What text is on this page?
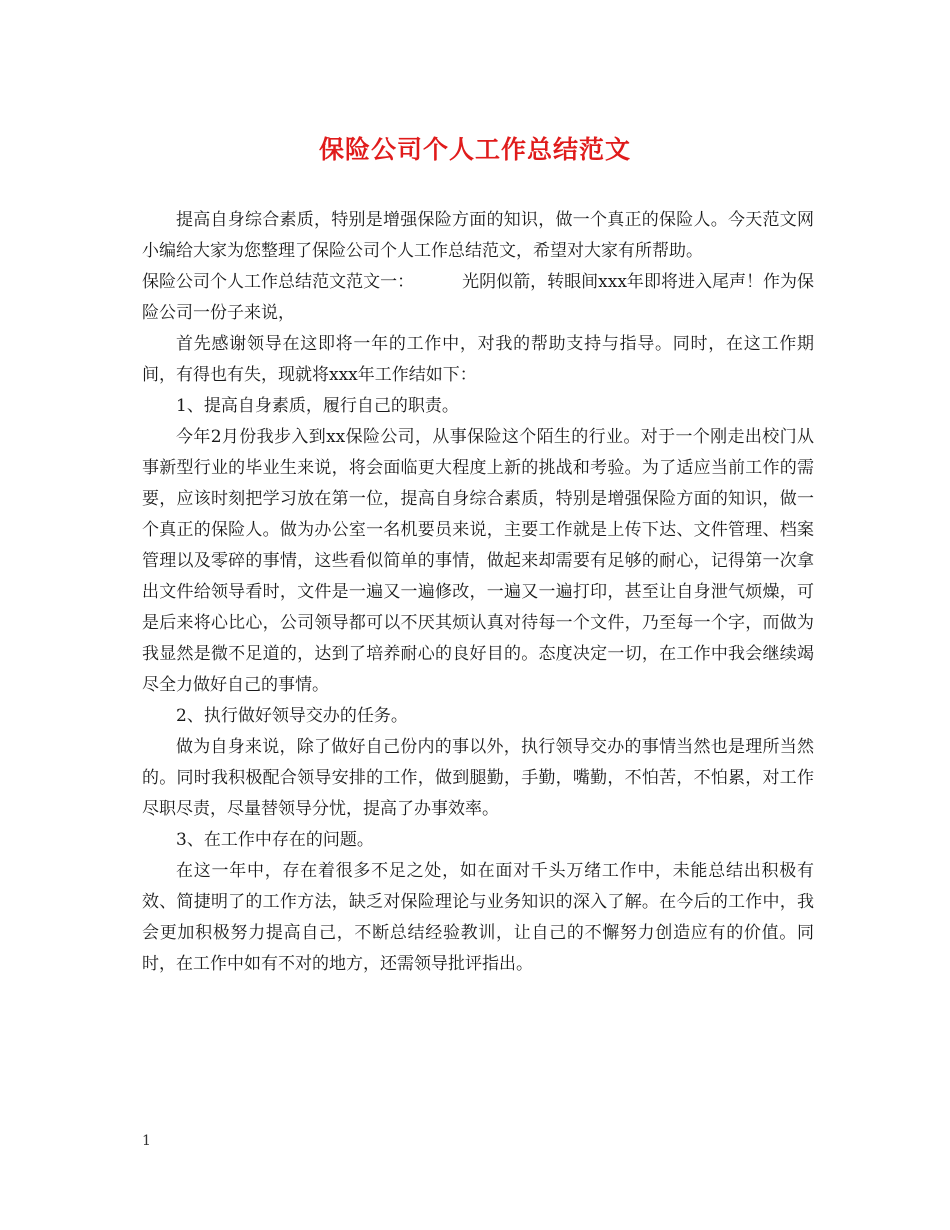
保险公司个人工作总结范文

提高自身综合素质，特别是增强保险方面的知识，做一个真正的保险人。今天范文网小编给大家为您整理了保险公司个人工作总结范文，希望对大家有所帮助。

保险公司个人工作总结范文范文一：	光阴似箭，转眼间xxx年即将进入尾声！作为保险公司一份子来说，

首先感谢领导在这即将一年的工作中，对我的帮助支持与指导。同时，在这工作期间，有得也有失，现就将xxx年工作结如下：

1、提高自身素质，履行自己的职责。

今年2月份我步入到xx保险公司，从事保险这个陌生的行业。对于一个刚走出校门从事新型行业的毕业生来说，将会面临更大程度上新的挑战和考验。为了适应当前工作的需要，应该时刻把学习放在第一位，提高自身综合素质，特别是增强保险方面的知识，做一个真正的保险人。做为办公室一名机要员来说，主要工作就是上传下达、文件管理、档案管理以及零碎的事情，这些看似简单的事情，做起来却需要有足够的耐心，记得第一次拿出文件给领导看时，文件是一遍又一遍修改，一遍又一遍打印，甚至让自身泄气烦燥，可是后来将心比心，公司领导都可以不厌其烦认真对待每一个文件，乃至每一个字，而做为我显然是微不足道的，达到了培养耐心的良好目的。态度决定一切，在工作中我会继续竭尽全力做好自己的事情。

2、执行做好领导交办的任务。

做为自身来说，除了做好自己份内的事以外，执行领导交办的事情当然也是理所当然的。同时我积极配合领导安排的工作，做到腿勤，手勤，嘴勤，不怕苦，不怕累，对工作尽职尽责，尽量替领导分忧，提高了办事效率。

3、在工作中存在的问题。

在这一年中，存在着很多不足之处，如在面对千头万绪工作中，未能总结出积极有效、简捷明了的工作方法，缺乏对保险理论与业务知识的深入了解。在今后的工作中，我会更加积极努力提高自己，不断总结经验教训，让自己的不懈努力创造应有的价值。同时，在工作中如有不对的地方，还需领导批评指出。

1
